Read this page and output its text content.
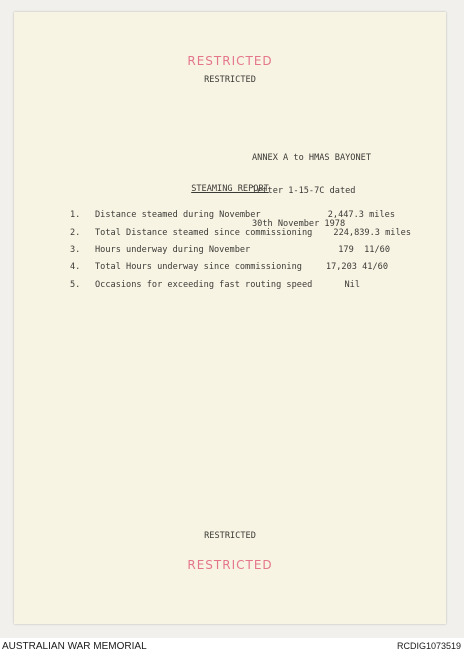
RESTRICTED
RESTRICTED

ANNEX A to HMAS BAYONET

letter 1-15-7C dated

30th November 1978

STEAMING REPORT
1. Distance steamed during November	2,447.3 miles
2. Total Distance steamed since commissioning 224,839.3 miles
3. Hours underway during November	179  11/60
4. Total Hours underway since commissioning	17,203 41/60
5. Occasions for exceeding fast routing speed	Nil
RESTRICTED
RESTRICTED
AUSTRALIAN WAR MEMORIAL	RCDIG1073519
